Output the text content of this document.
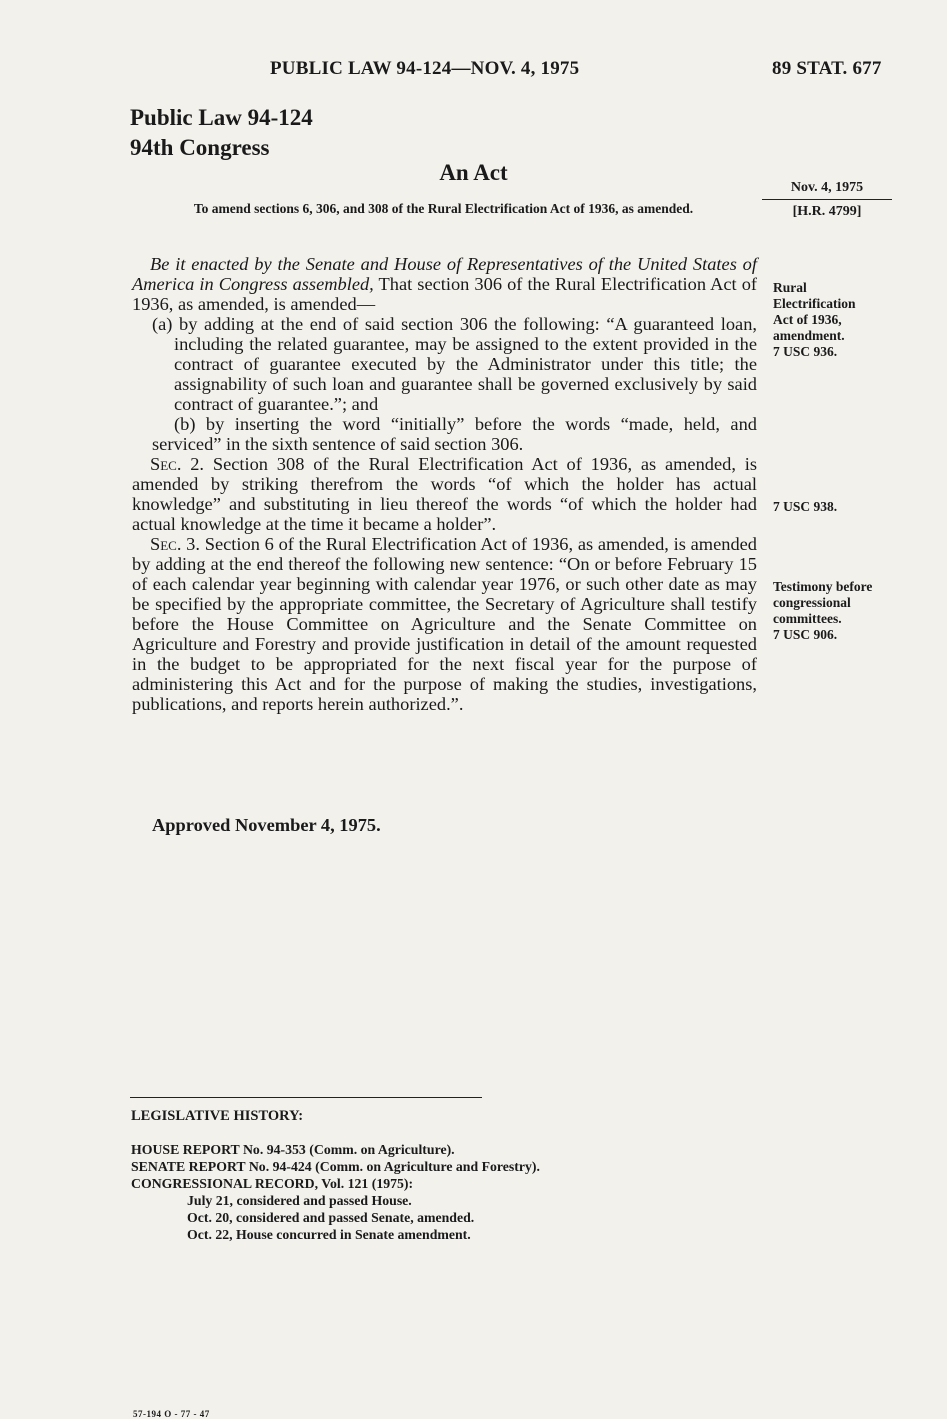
PUBLIC LAW 94-124—NOV. 4, 1975	89 STAT. 677
Public Law 94-124
94th Congress
An Act
Nov. 4, 1975
[H.R. 4799]
To amend sections 6, 306, and 308 of the Rural Electrification Act of 1936, as amended.

Be it enacted by the Senate and House of Representatives of the United States of America in Congress assembled, That section 306 of the Rural Electrification Act of 1936, as amended, is amended—

(a) by adding at the end of said section 306 the following: “A guaranteed loan, including the related guarantee, may be assigned to the extent provided in the contract of guarantee executed by the Administrator under this title; the assignability of such loan and guarantee shall be governed exclusively by said contract of guarantee.”; and

(b) by inserting the word “initially” before the words “made, held, and serviced” in the sixth sentence of said section 306.

Sec. 2. Section 308 of the Rural Electrification Act of 1936, as amended, is amended by striking therefrom the words “of which the holder has actual knowledge” and substituting in lieu thereof the words “of which the holder had actual knowledge at the time it became a holder”.

Sec. 3. Section 6 of the Rural Electrification Act of 1936, as amended, is amended by adding at the end thereof the following new sentence: “On or before February 15 of each calendar year beginning with calendar year 1976, or such other date as may be specified by the appropriate committee, the Secretary of Agriculture shall testify before the House Committee on Agriculture and the Senate Committee on Agriculture and Forestry and provide justification in detail of the amount requested in the budget to be appropriated for the next fiscal year for the purpose of administering this Act and for the purpose of making the studies, investigations, publications, and reports herein authorized.”.

Approved November 4, 1975.
Rural
Electrification
Act of 1936,
amendment.
7 USC 936.
7 USC 938.
Testimony before
congressional
committees.
7 USC 906.
LEGISLATIVE HISTORY:
HOUSE REPORT No. 94-353 (Comm. on Agriculture).
SENATE REPORT No. 94-424 (Comm. on Agriculture and Forestry).
CONGRESSIONAL RECORD, Vol. 121 (1975):
July 21, considered and passed House.
Oct. 20, considered and passed Senate, amended.
Oct. 22, House concurred in Senate amendment.
57-194 O - 77 - 47
